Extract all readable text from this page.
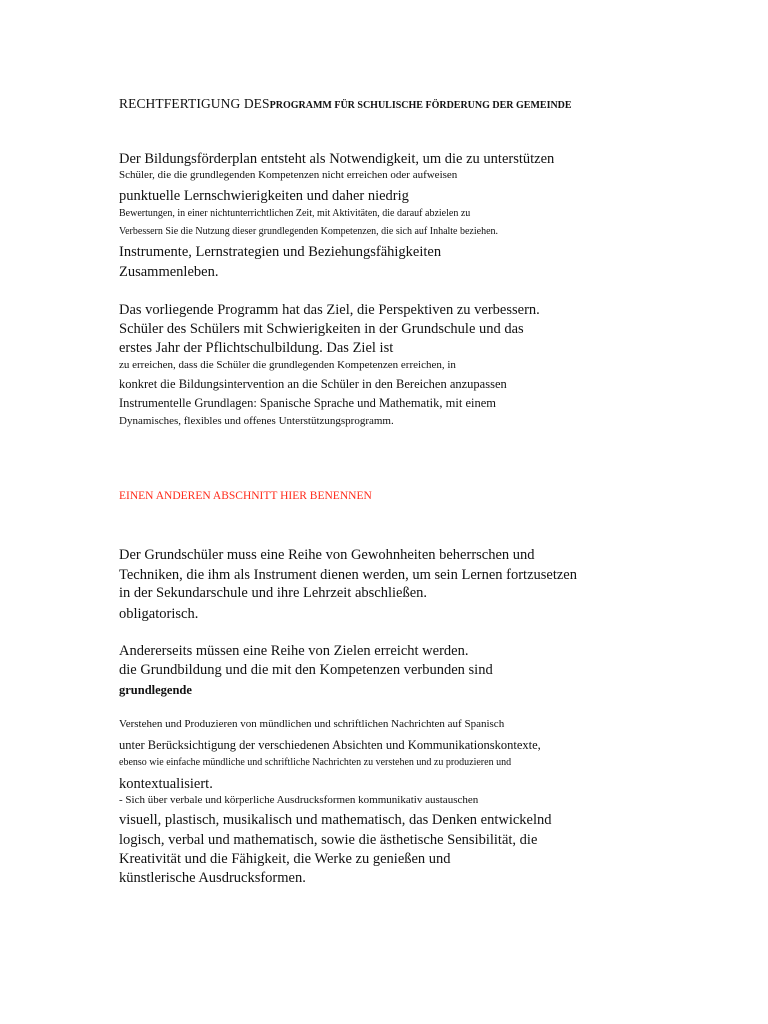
RECHTFERTIGUNG DESPROGRAMM FÜR SCHULISCHE FÖRDERUNG DER GEMEINDE
Der Bildungsförderplan entsteht als Notwendigkeit, um die zu unterstützen
Schüler, die die grundlegenden Kompetenzen nicht erreichen oder aufweisen
punktuelle Lernschwierigkeiten und daher niedrig
Bewertungen, in einer nichtunterrichtlichen Zeit, mit Aktivitäten, die darauf abzielen zu
Verbessern Sie die Nutzung dieser grundlegenden Kompetenzen, die sich auf Inhalte beziehen.
Instrumente, Lernstrategien und Beziehungsfähigkeiten
Zusammenleben.
Das vorliegende Programm hat das Ziel, die Perspektiven zu verbessern.
Schüler des Schülers mit Schwierigkeiten in der Grundschule und das
erstes Jahr der Pflichtschulbildung. Das Ziel ist
zu erreichen, dass die Schüler die grundlegenden Kompetenzen erreichen, in
konkret die Bildungsintervention an die Schüler in den Bereichen anzupassen
Instrumentelle Grundlagen: Spanische Sprache und Mathematik, mit einem
Dynamisches, flexibles und offenes Unterstützungsprogramm.
EINEN ANDEREN ABSCHNITT HIER BENENNEN
Der Grundschüler muss eine Reihe von Gewohnheiten beherrschen und
Techniken, die ihm als Instrument dienen werden, um sein Lernen fortzusetzen
in der Sekundarschule und ihre Lehrzeit abschließen.
obligatorisch.
Andererseits müssen eine Reihe von Zielen erreicht werden.
die Grundbildung und die mit den Kompetenzen verbunden sind
grundlegende
Verstehen und Produzieren von mündlichen und schriftlichen Nachrichten auf Spanisch
unter Berücksichtigung der verschiedenen Absichten und Kommunikationskontexte,
ebenso wie einfache mündliche und schriftliche Nachrichten zu verstehen und zu produzieren und
kontextualisiert.
- Sich über verbale und körperliche Ausdrucksformen kommunikativ austauschen
visuell, plastisch, musikalisch und mathematisch, das Denken entwickelnd
logisch, verbal und mathematisch, sowie die ästhetische Sensibilität, die
Kreativität und die Fähigkeit, die Werke zu genießen und
künstlerische Ausdrucksformen.
